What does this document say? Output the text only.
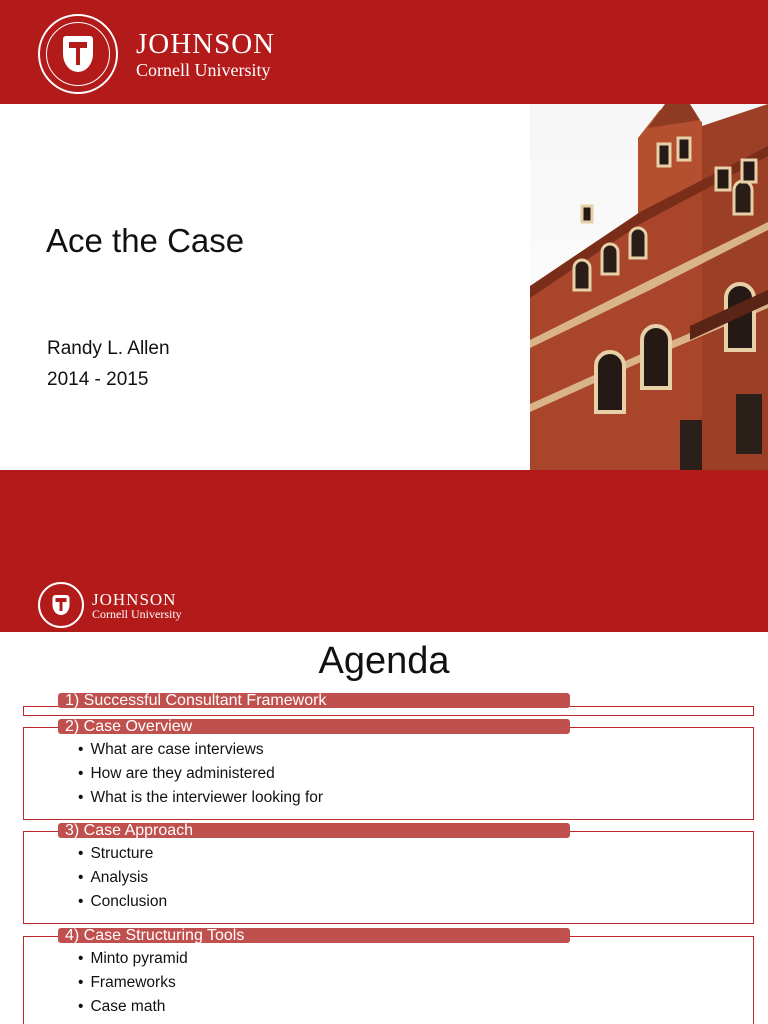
JOHNSON
Cornell University
Ace the Case
Randy L. Allen
2014 - 2015
JOHNSON
Cornell University
Agenda
1) Successful Consultant Framework
2) Case Overview
• What are case interviews
• How are they administered
• What is the interviewer looking for
3) Case Approach
• Structure
• Analysis
• Conclusion
4) Case Structuring Tools
• Minto pyramid
• Frameworks
• Case math
